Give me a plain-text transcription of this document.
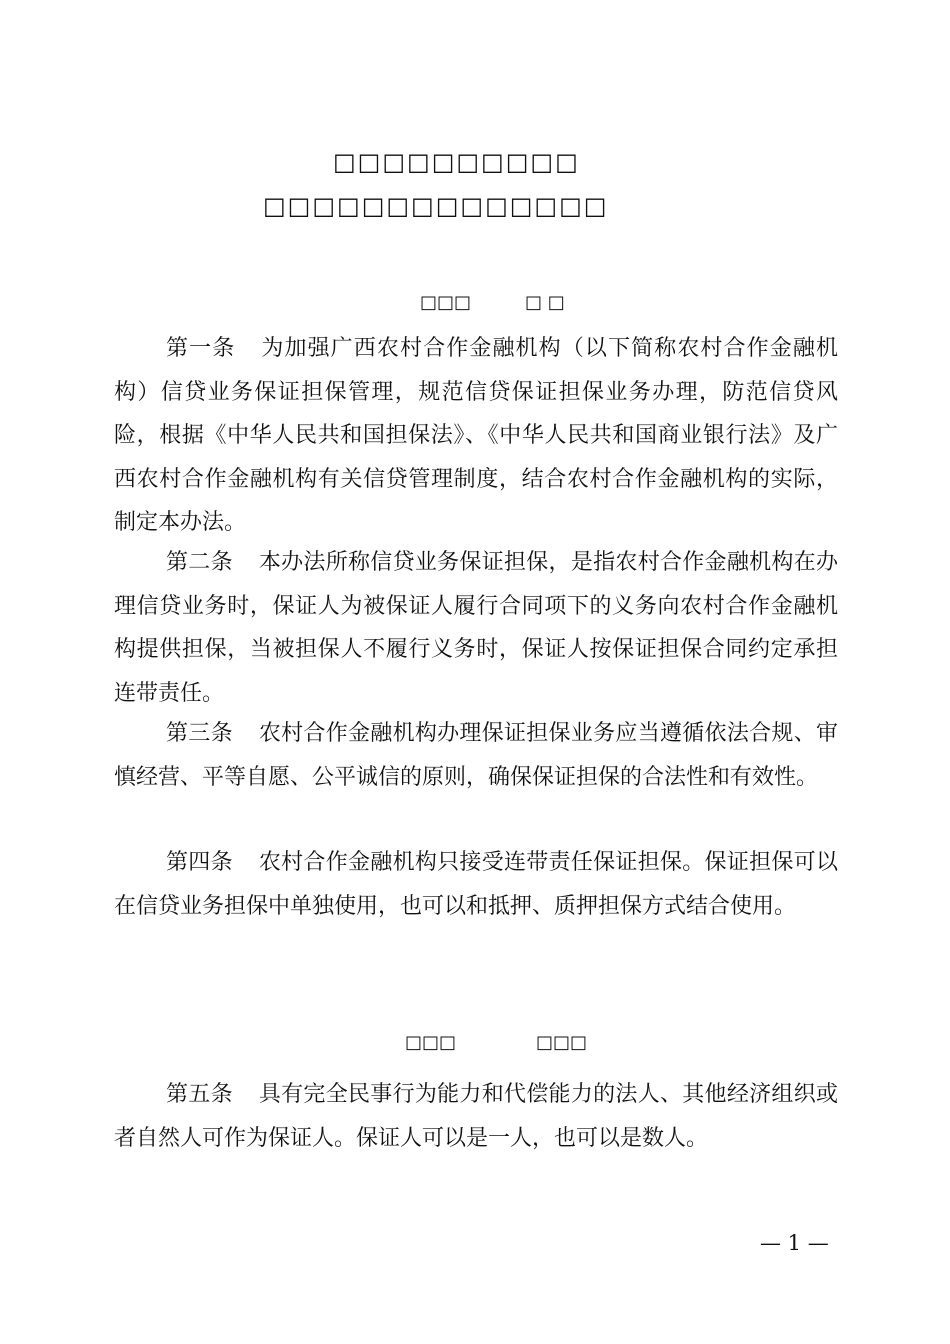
□□□□□□□□□□
□□□□□□□□□□□□□□
□□□	□ □

第一条 为加强广西农村合作金融机构（以下简称农村合作金融机构）信贷业务保证担保管理，规范信贷保证担保业务办理，防范信贷风险，根据《中华人民共和国担保法》、《中华人民共和国商业银行法》及广西农村合作金融机构有关信贷管理制度，结合农村合作金融机构的实际，制定本办法。

第二条 本办法所称信贷业务保证担保，是指农村合作金融机构在办理信贷业务时，保证人为被保证人履行合同项下的义务向农村合作金融机构提供担保，当被担保人不履行义务时，保证人按保证担保合同约定承担连带责任。

第三条 农村合作金融机构办理保证担保业务应当遵循依法合规、审慎经营、平等自愿、公平诚信的原则，确保保证担保的合法性和有效性。

第四条 农村合作金融机构只接受连带责任保证担保。保证担保可以在信贷业务担保中单独使用，也可以和抵押、质押担保方式结合使用。

□□□	□□□

第五条 具有完全民事行为能力和代偿能力的法人、其他经济组织或者自然人可作为保证人。保证人可以是一人，也可以是数人。

— 1 —
